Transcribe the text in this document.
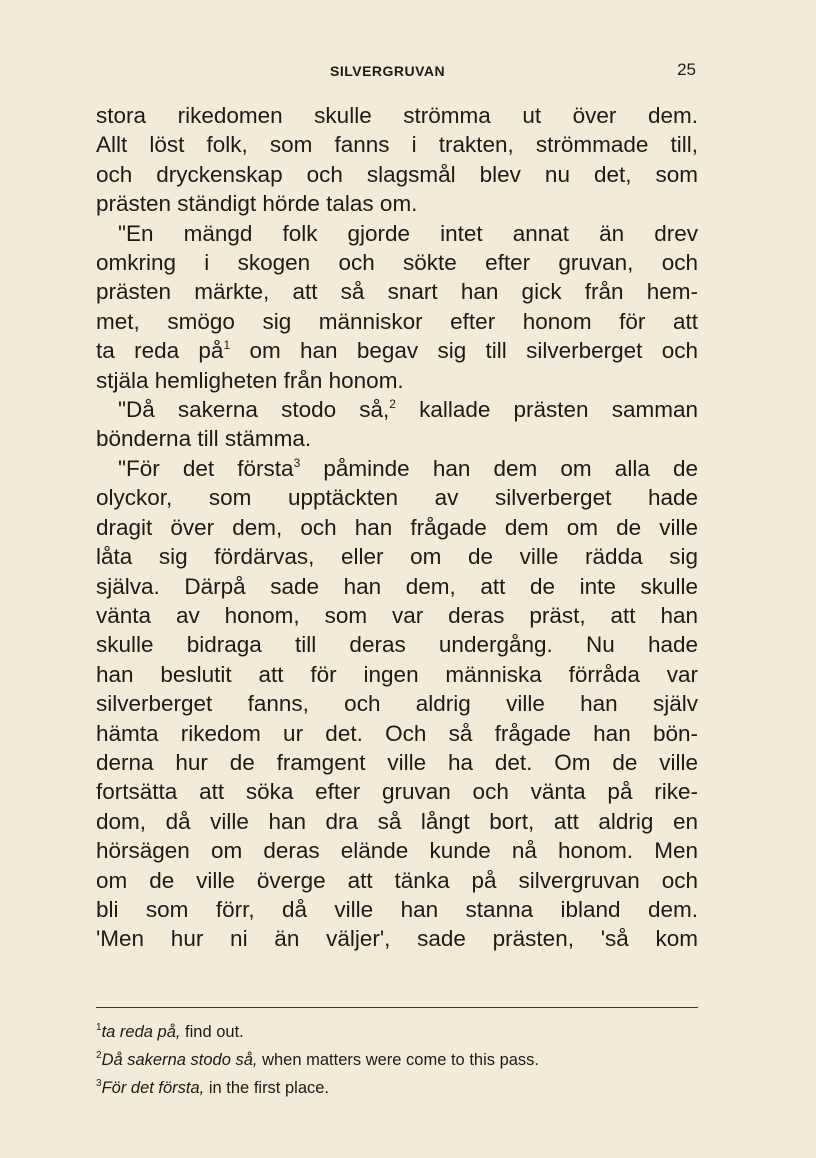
SILVERGRUVAN	25
stora rikedomen skulle strömma ut över dem.
Allt löst folk, som fanns i trakten, strömmade till,
och dryckenskap och slagsmål blev nu det, som
prästen ständigt hörde talas om.
"En mängd folk gjorde intet annat än drev
omkring i skogen och sökte efter gruvan, och
prästen märkte, att så snart han gick från hem-
met, smögo sig människor efter honom för att
ta reda $på^1$ om han begav sig till silverberget och
stjäla hemligheten från honom.
"Då sakerna stodo så,$^2$ kallade prästen samman
bönderna till stämma.
"För det första$^3$ påminde han dem om alla de
olyckor, som upptäckten av silverberget hade
dragit över dem, och han frågade dem om de ville
låta sig fördärvas, eller om de ville rädda sig
själva. Därpå sade han dem, att de inte skulle
vänta av honom, som var deras präst, att han
skulle bidraga till deras undergång. Nu hade
han beslutit att för ingen människa förråda var
silverberget fanns, och aldrig ville han själv
hämta rikedom ur det. Och så frågade han bön-
derna hur de framgent ville ha det. Om de ville
fortsätta att söka efter gruvan och vänta på rike-
dom, då ville han dra så långt bort, att aldrig en
hörsägen om deras elände kunde nå honom. Men
om de ville överge att tänka på silvergruvan och
bli som förr, då ville han stanna ibland dem.
'Men hur ni än väljer', sade prästen, 'så kom
$^1$ta reda på, find out.
$^2$Då sakerna stodo så, when matters were come to this pass.
$^3$För det första, in the first place.
